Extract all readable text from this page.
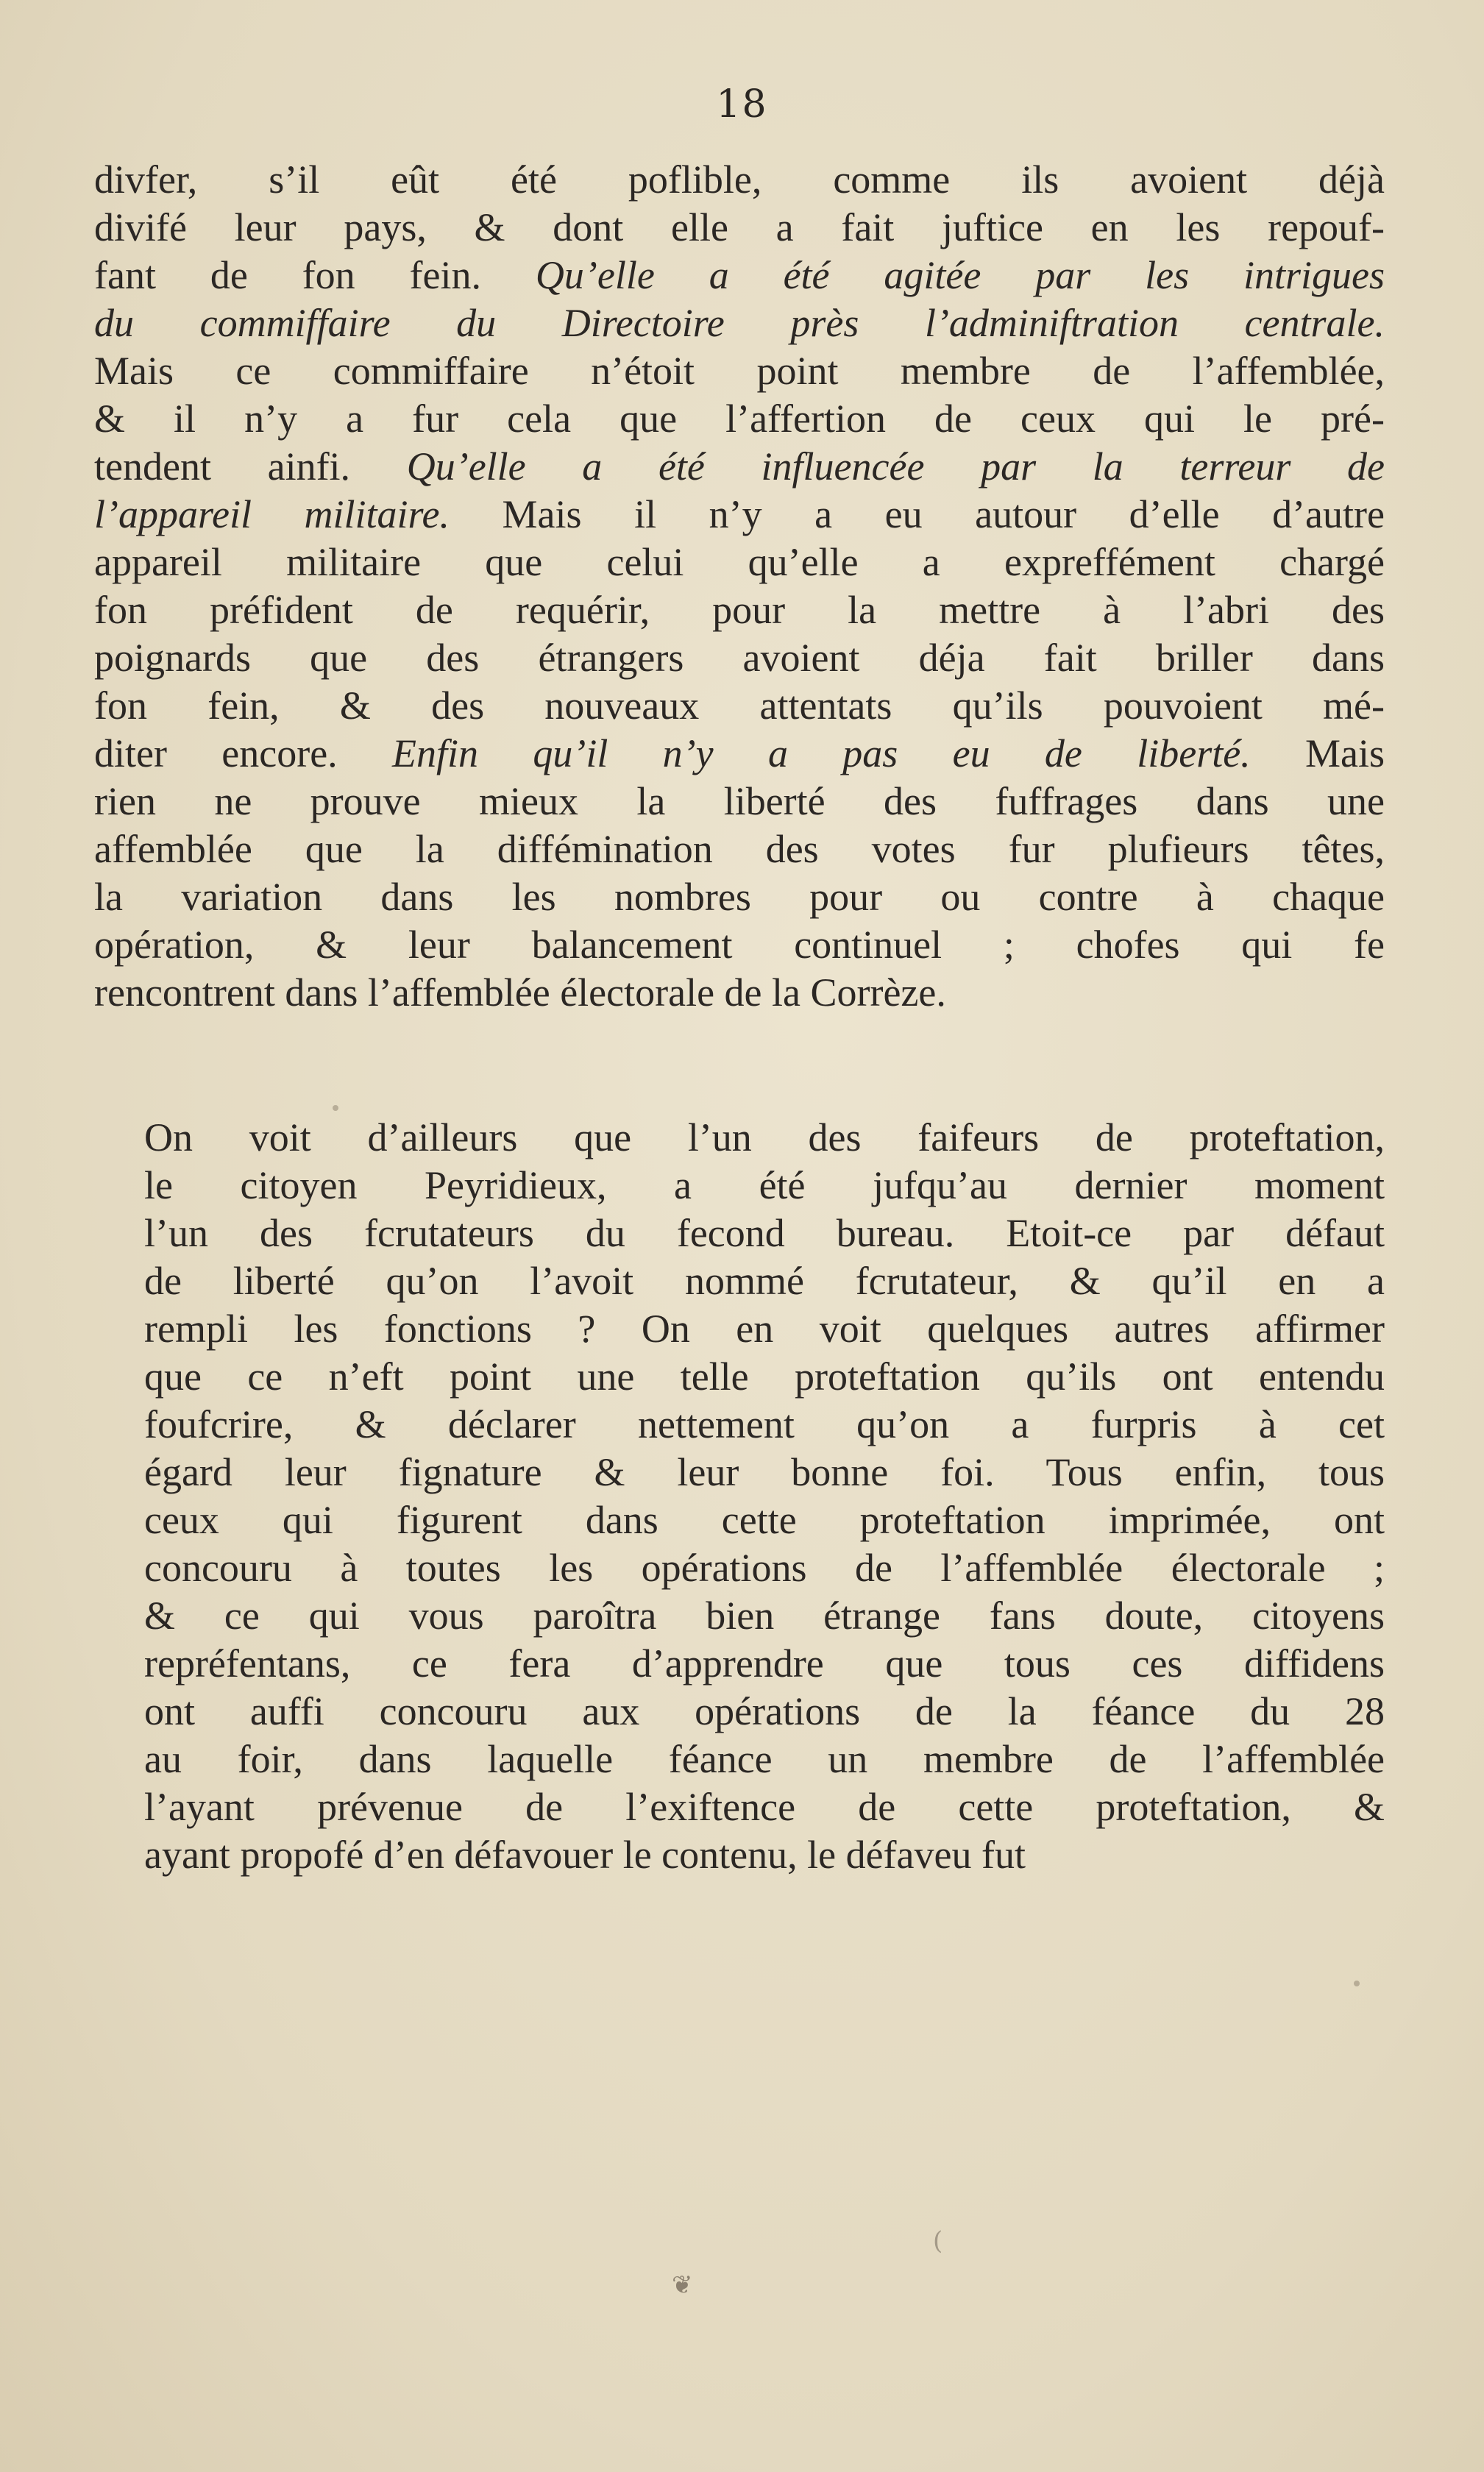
18
divfer, s’il eût été poflible, comme ils avoient déjà
divifé leur pays, & dont elle a fait juftice en les repouf-
fant de fon fein. Qu’elle a été agitée par les intrigues
du commiffaire du Directoire près l’adminiftration centrale.
Mais ce commiffaire n’étoit point membre de l’affemblée,
& il n’y a fur cela que l’affertion de ceux qui le pré-
tendent ainfi. Qu’elle a été influencée par la terreur de
l’appareil militaire. Mais il n’y a eu autour d’elle d’autre
appareil militaire que celui qu’elle a expreffément chargé
fon préfident de requérir, pour la mettre à l’abri des
poignards que des étrangers avoient déja fait briller dans
fon fein, & des nouveaux attentats qu’ils pouvoient mé-
diter encore. Enfin qu’il n’y a pas eu de liberté. Mais
rien ne prouve mieux la liberté des fuffrages dans une
affemblée que la diffémination des votes fur plufieurs têtes,
la variation dans les nombres pour ou contre à chaque
opération, & leur balancement continuel ; chofes qui fe
rencontrent dans l’affemblée électorale de la Corrèze.
On voit d’ailleurs que l’un des faifeurs de proteftation,
le citoyen Peyridieux, a été jufqu’au dernier moment
l’un des fcrutateurs du fecond bureau. Etoit-ce par défaut
de liberté qu’on l’avoit nommé fcrutateur, & qu’il en a
rempli les fonctions ? On en voit quelques autres affirmer
que ce n’eft point une telle proteftation qu’ils ont entendu
foufcrire, & déclarer nettement qu’on a furpris à cet
égard leur fignature & leur bonne foi. Tous enfin, tous
ceux qui figurent dans cette proteftation imprimée, ont
concouru à toutes les opérations de l’affemblée électorale ;
& ce qui vous paroîtra bien étrange fans doute, citoyens
repréfentans, ce fera d’apprendre que tous ces diffidens
ont auffi concouru aux opérations de la féance du 28
au foir, dans laquelle féance un membre de l’affemblée
l’ayant prévenue de l’exiftence de cette proteftation, &
ayant propofé d’en défavouer le contenu, le défaveu fut
❦
(
